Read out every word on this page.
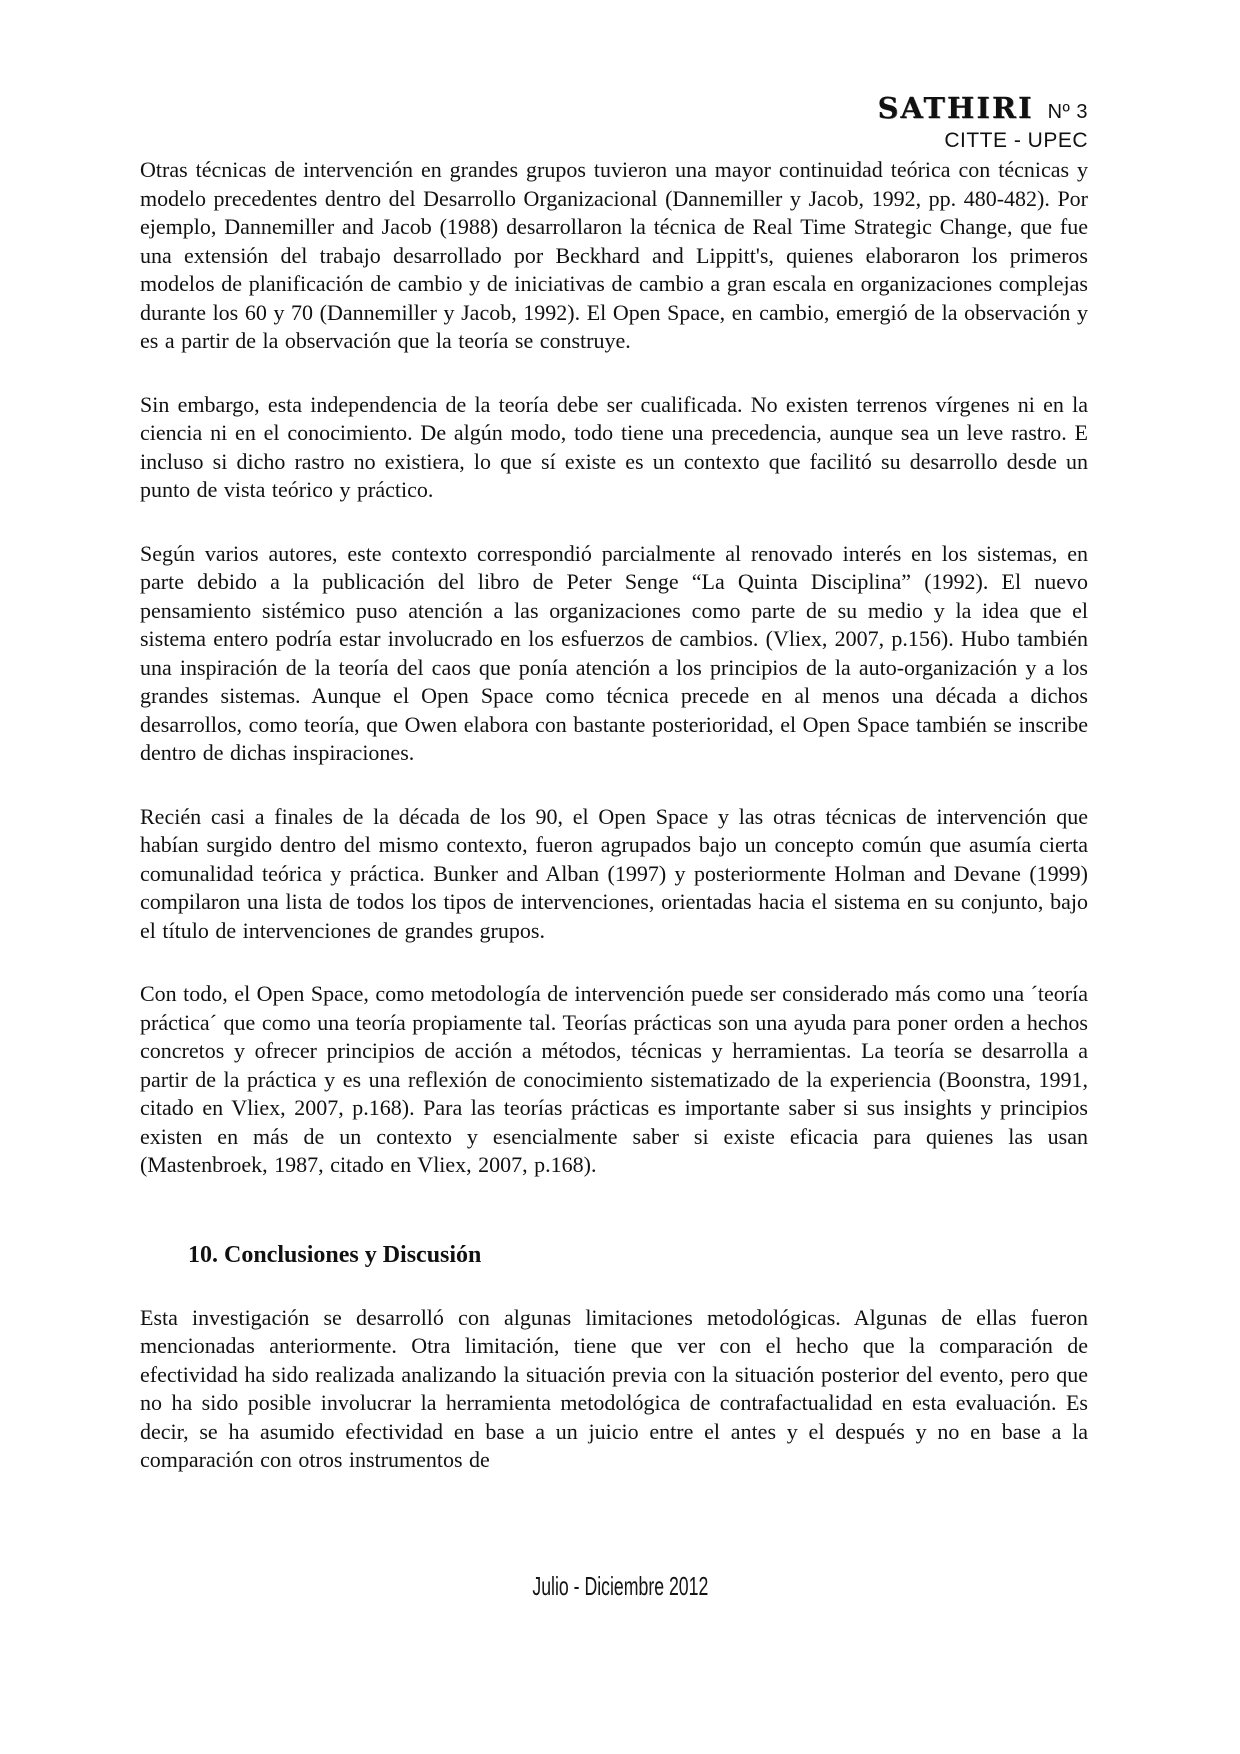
SATHIRI Nº 3
CITTE - UPEC

Otras técnicas de intervención en grandes grupos tuvieron una mayor continuidad teórica con técnicas y modelo precedentes dentro del Desarrollo Organizacional (Dannemiller y Jacob, 1992, pp. 480-482). Por ejemplo, Dannemiller and Jacob (1988) desarrollaron la técnica de Real Time Strategic Change, que fue una extensión del trabajo desarrollado por Beckhard and Lippitt's, quienes elaboraron los primeros modelos de planificación de cambio y de iniciativas de cambio a gran escala en organizaciones complejas durante los 60 y 70 (Dannemiller y Jacob, 1992). El Open Space, en cambio, emergió de la observación y es a partir de la observación que la teoría se construye.

Sin embargo, esta independencia de la teoría debe ser cualificada. No existen terrenos vírgenes ni en la ciencia ni en el conocimiento. De algún modo, todo tiene una precedencia, aunque sea un leve rastro. E incluso si dicho rastro no existiera, lo que sí existe es un contexto que facilitó su desarrollo desde un punto de vista teórico y práctico.

Según varios autores, este contexto correspondió parcialmente al renovado interés en los sistemas, en parte debido a la publicación del libro de Peter Senge “La Quinta Disciplina” (1992). El nuevo pensamiento sistémico puso atención a las organizaciones como parte de su medio y la idea que el sistema entero podría estar involucrado en los esfuerzos de cambios. (Vliex, 2007, p.156). Hubo también una inspiración de la teoría del caos que ponía atención a los principios de la auto-organización y a los grandes sistemas. Aunque el Open Space como técnica precede en al menos una década a dichos desarrollos, como teoría, que Owen elabora con bastante posterioridad, el Open Space también se inscribe dentro de dichas inspiraciones.

Recién casi a finales de la década de los 90, el Open Space y las otras técnicas de intervención que habían surgido dentro del mismo contexto, fueron agrupados bajo un concepto común que asumía cierta comunalidad teórica y práctica. Bunker and Alban (1997) y posteriormente Holman and Devane (1999) compilaron una lista de todos los tipos de intervenciones, orientadas hacia el sistema en su conjunto, bajo el título de intervenciones de grandes grupos.

Con todo, el Open Space, como metodología de intervención puede ser considerado más como una ´teoría práctica´ que como una teoría propiamente tal. Teorías prácticas son una ayuda para poner orden a hechos concretos y ofrecer principios de acción a métodos, técnicas y herramientas. La teoría se desarrolla a partir de la práctica y es una reflexión de conocimiento sistematizado de la experiencia (Boonstra, 1991, citado en Vliex, 2007, p.168). Para las teorías prácticas es importante saber si sus insights y principios existen en más de un contexto y esencialmente saber si existe eficacia para quienes las usan (Mastenbroek, 1987, citado en Vliex, 2007, p.168).

10. Conclusiones y Discusión

Esta investigación se desarrolló con algunas limitaciones metodológicas. Algunas de ellas fueron mencionadas anteriormente. Otra limitación, tiene que ver con el hecho que la comparación de efectividad ha sido realizada analizando la situación previa con la situación posterior del evento, pero que no ha sido posible involucrar la herramienta metodológica de contrafactualidad en esta evaluación. Es decir, se ha asumido efectividad en base a un juicio entre el antes y el después y no en base a la comparación con otros instrumentos de

Julio - Diciembre 2012
